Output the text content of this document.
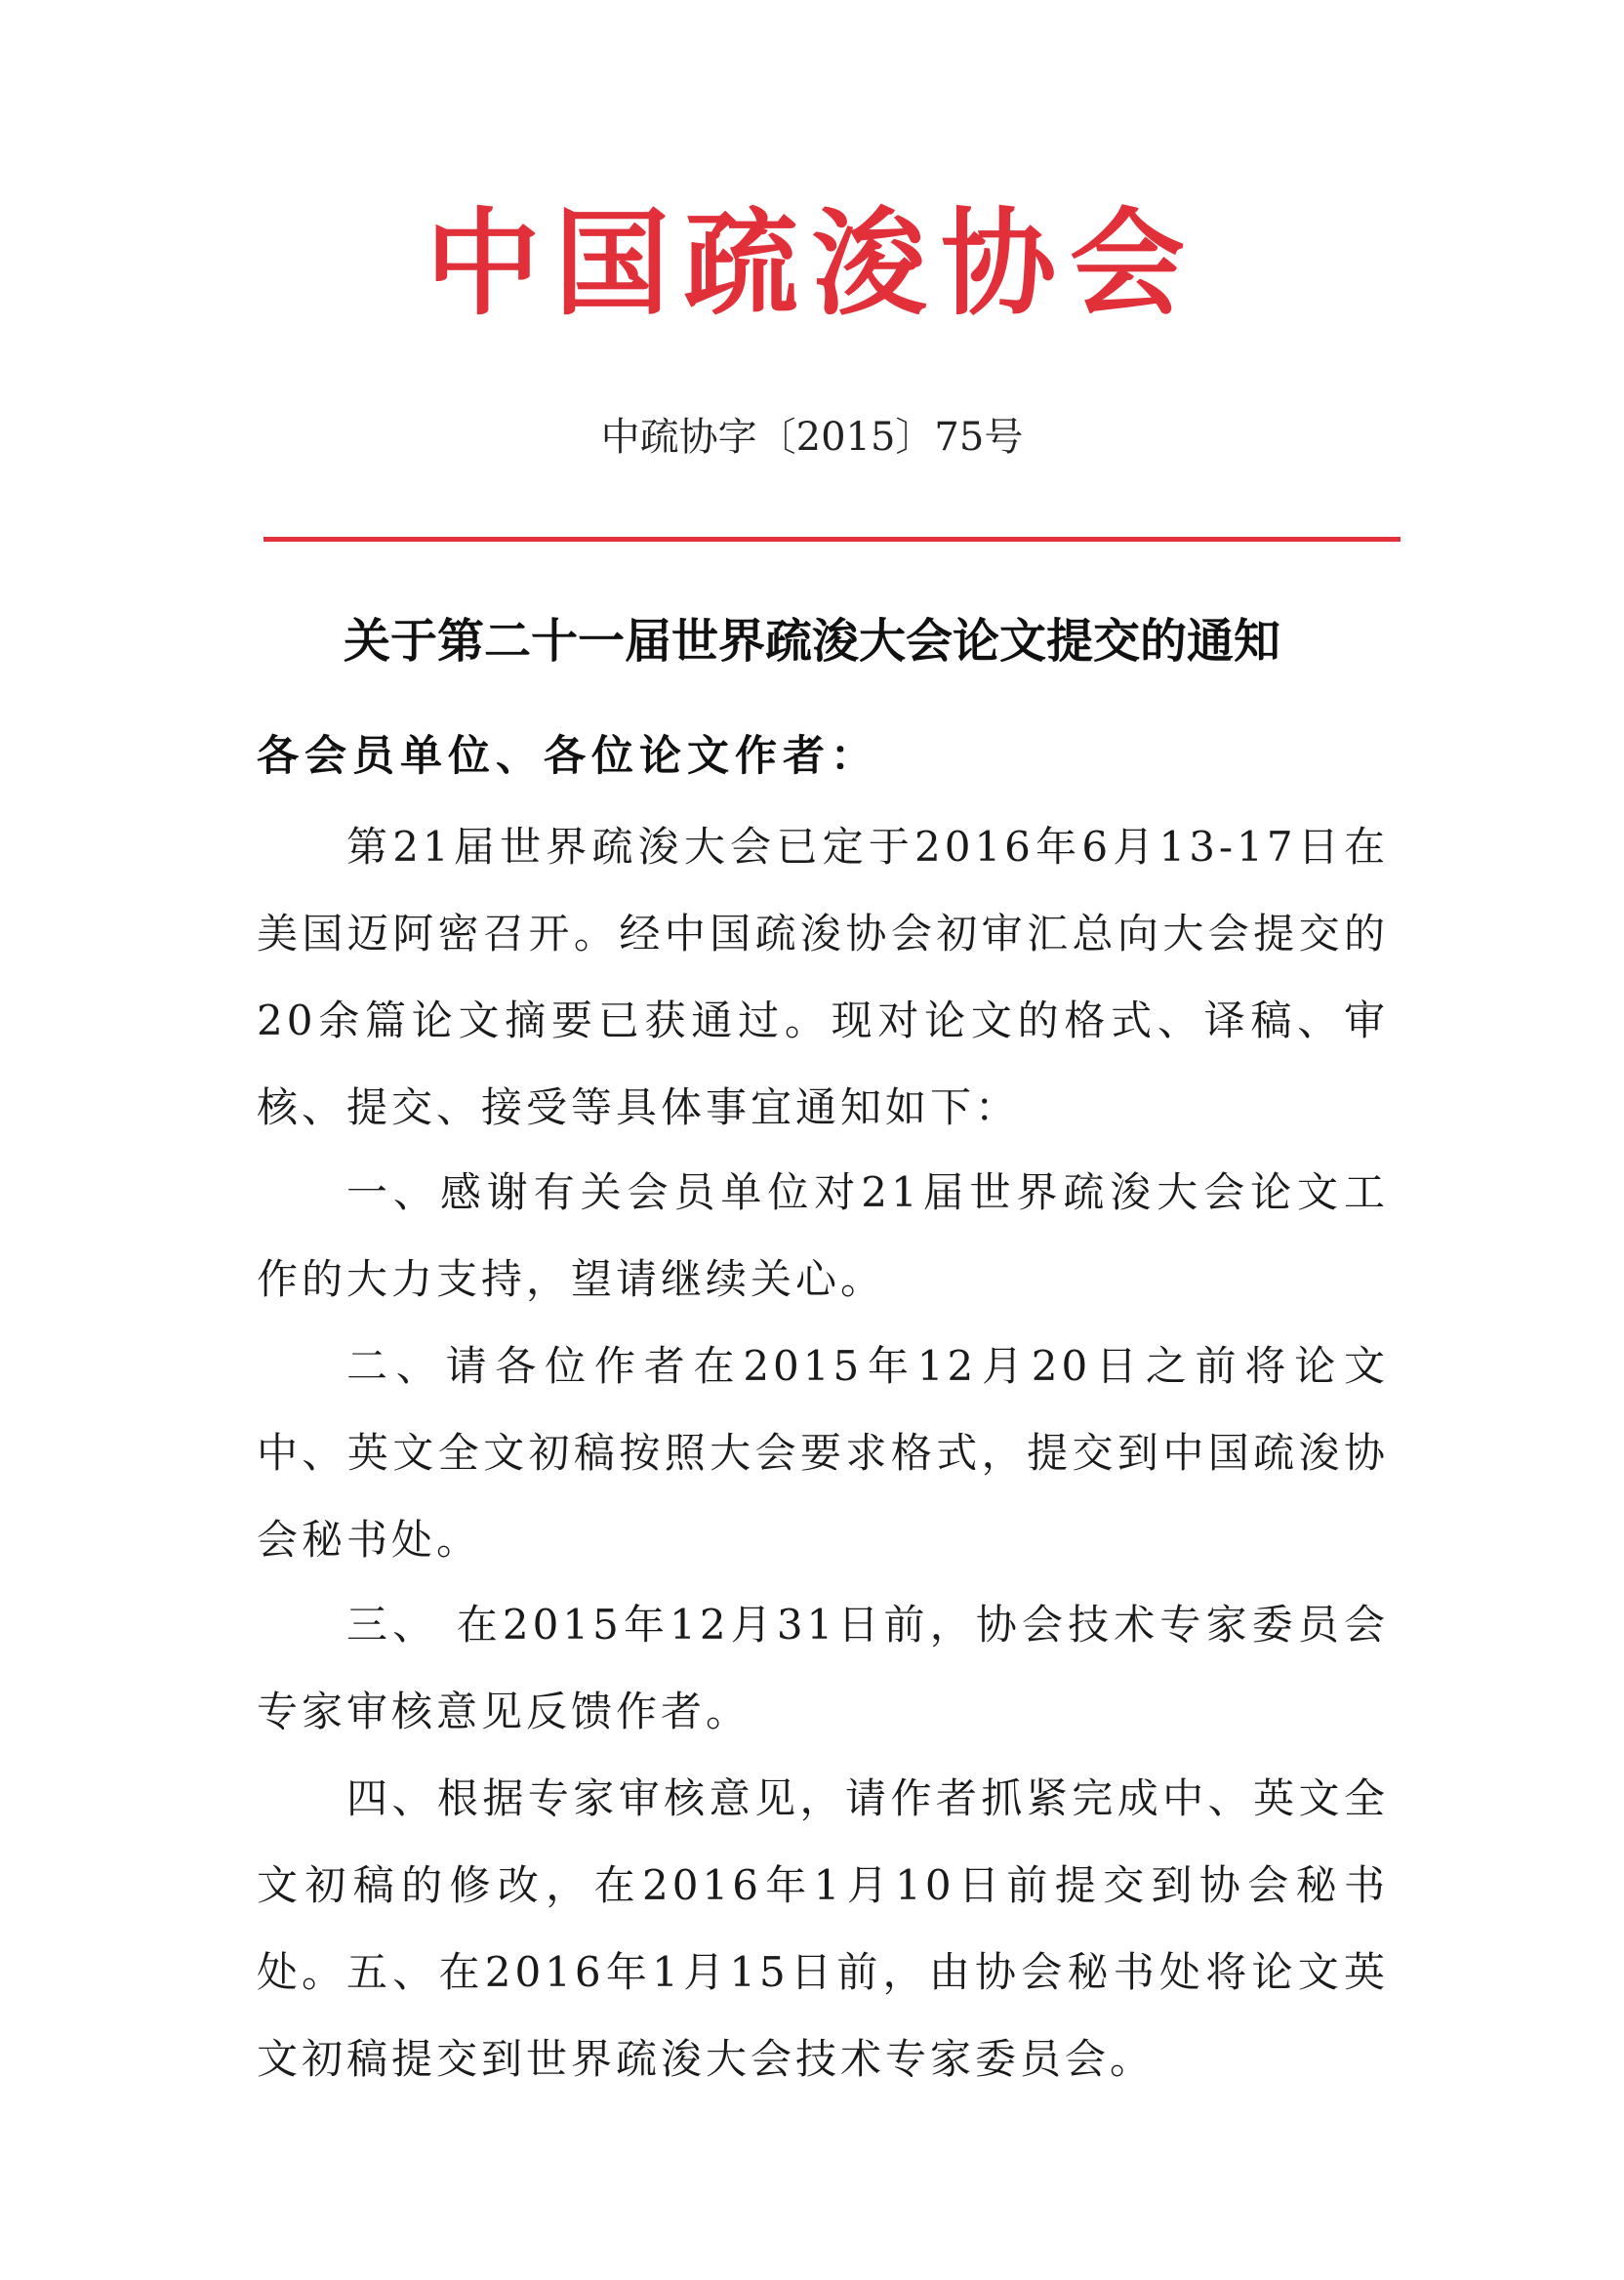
中国疏浚协会
中疏协字〔2015〕75号
关于第二十一届世界疏浚大会论文提交的通知
各会员单位、各位论文作者：

第21届世界疏浚大会已定于2016年6月13-17日在美国迈阿密召开。经中国疏浚协会初审汇总向大会提交的20余篇论文摘要已获通过。现对论文的格式、译稿、审核、提交、接受等具体事宜通知如下：

一、感谢有关会员单位对21届世界疏浚大会论文工作的大力支持，望请继续关心。

二、请各位作者在2015年12月20日之前将论文中、英文全文初稿按照大会要求格式，提交到中国疏浚协会秘书处。

三、 在2015年12月31日前，协会技术专家委员会专家审核意见反馈作者。

四、根据专家审核意见，请作者抓紧完成中、英文全文初稿的修改，在2016年1月10日前提交到协会秘书处。 五、在2016年1月15日前，由协会秘书处将论文英文初稿提交到世界疏浚大会技术专家委员会。
